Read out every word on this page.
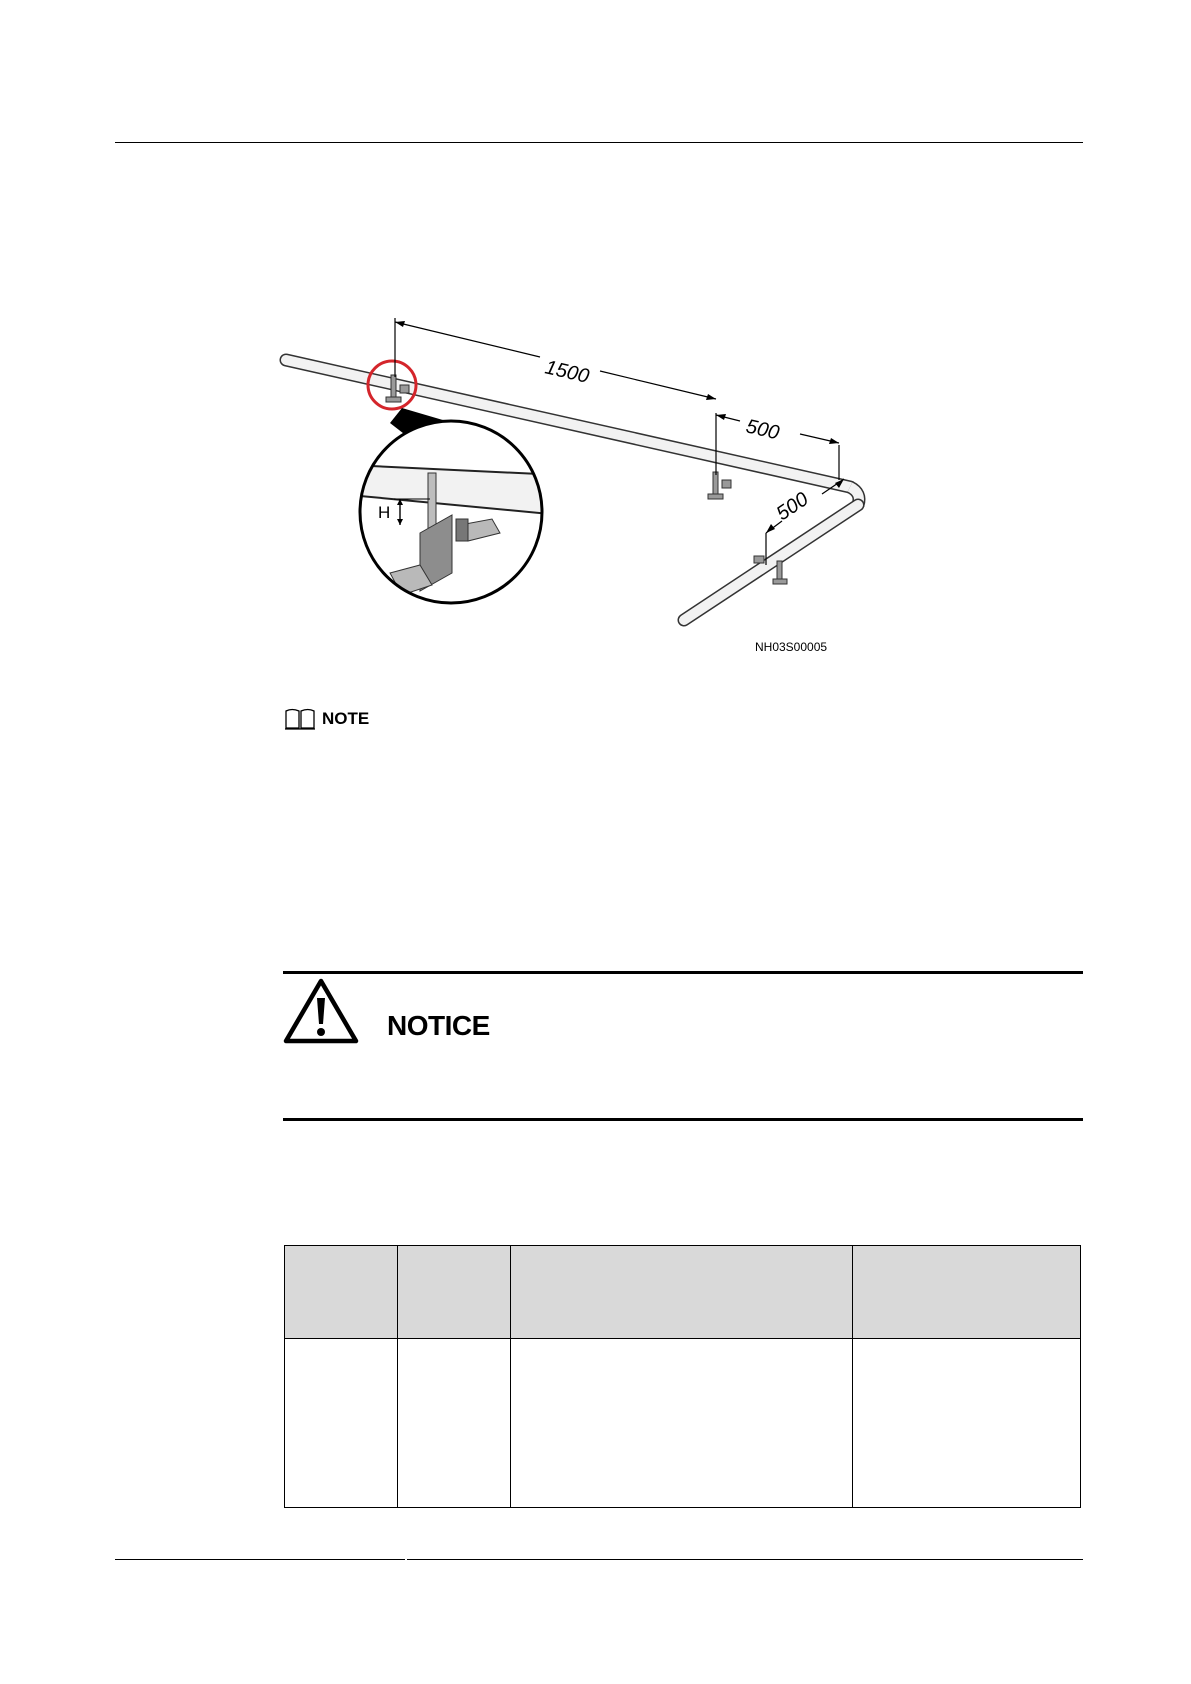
H
1500
500
500
NH03S00005
NOTE
NOTICE
